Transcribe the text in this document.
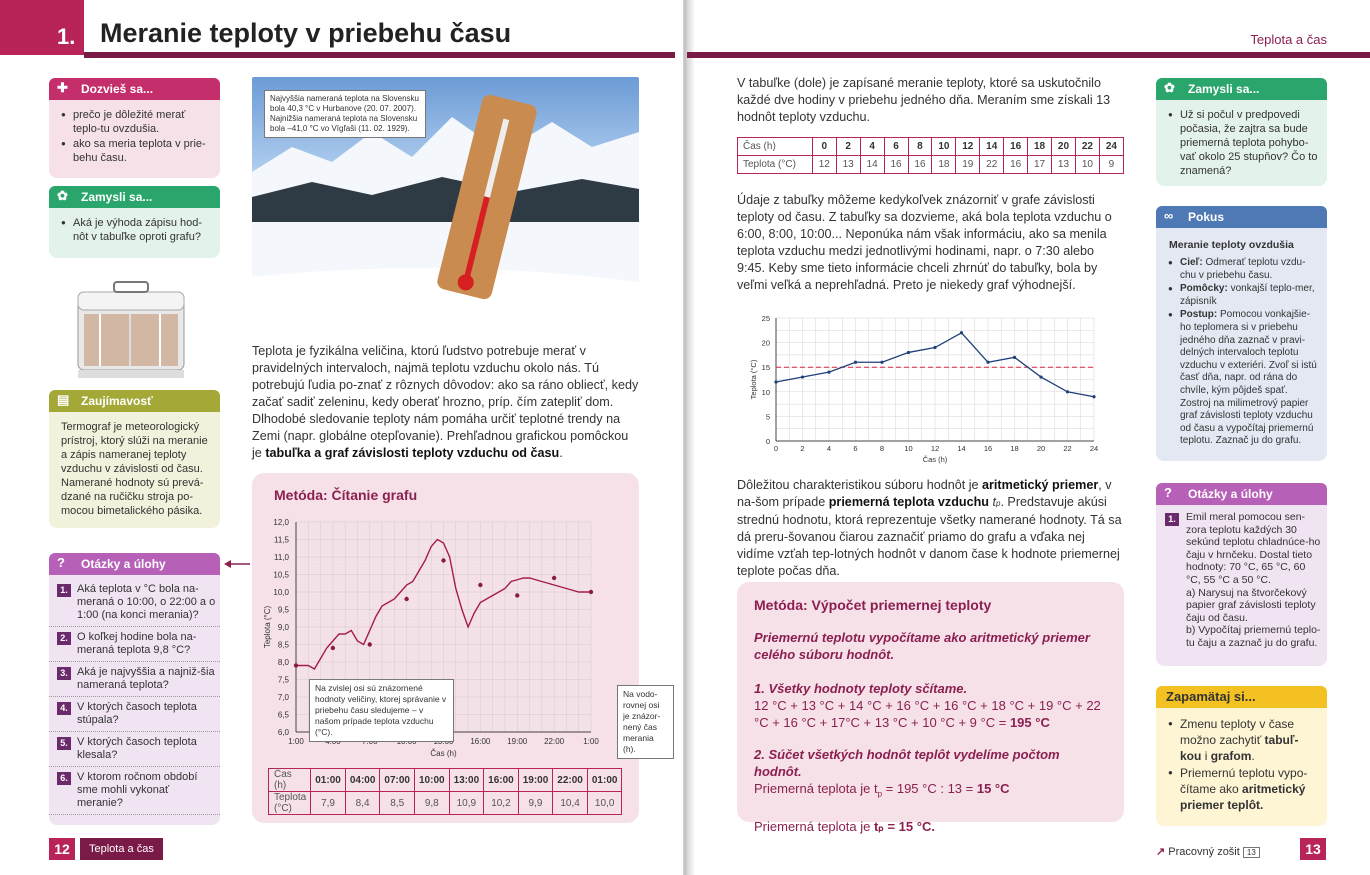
1. Meranie teploty v priebehu času
✚ Dozvieš sa...
● prečo je dôležité merať teplo-tu ovzdušia.
● ako sa meria teplota v prie-behu času.
✿ Zamysli sa...
● Aká je výhoda zápisu hod-nôt v tabuľke oproti grafu?
▤ Zaujímavosť
Termograf je meteorologický prístroj, ktorý slúži na meranie a zápis nameranej teploty vzduchu v závislosti od času. Namerané hodnoty sú prevá-dzané na ručičku stroja po-mocou bimetalického pásika.
? Otázky a úlohy
1. Aká teplota v °C bola na-meraná o 10:00, o 22:00 a o 1:00 (na konci merania)?
2. O koľkej hodine bola na-meraná teplota 9,8 °C?
3. Aká je najvyššia a najniž-šia nameraná teplota?
4. V ktorých časoch teplota stúpala?
5. V ktorých časoch teplota klesala?
6. V ktorom ročnom období sme mohli vykonať meranie?
Najvyššia nameraná teplota na Slovensku bola 40,3 °C v Hurbanove (20. 07. 2007). Najnižšia nameraná teplota na Slovensku bola –41,0 °C vo Vígľaši (11. 02. 1929).
Teplota je fyzikálna veličina, ktorú ľudstvo potrebuje merať v pravidelných intervaloch, najmä teplotu vzduchu okolo nás. Tú potrebujú ľudia po-znať z rôznych dôvodov: ako sa ráno obliecť, kedy začať sadiť zeleninu, kedy oberať hrozno, príp. čím zatepliť dom. Dlhodobé sledovanie teploty nám pomáha určiť teplotné trendy na Zemi (napr. globálne otepľovanie). Prehľadnou grafickou pomôckou je tabuľka a graf závislosti teploty vzduchu od času.
Metóda: Čítanie grafu
6,0
6,5
7,0
7,5
8,0
8,5
9,0
9,5
10,0
10,5
11,0
11,5
12,0
1:00	16:00 19:00 22:00 1:00
Čas (h)
Teplota (°C)
Na zvislej osi sú znázornené hodnoty veličiny, ktorej správanie v priebehu času sledujeme – v našom prípade teplota vzduchu (°C).
Na vodo-rovnej osi je znázor-nený čas merania (h).
Čas (h)	01:00	04:00	07:00	10:00	13:00	16:00	19:00	22:00	01:00
Teplota (°C)	7,9	8,4	8,5	9,8	10,9	10,2	9,9	10,4	10,0
12	Teplota a čas
Teplota a čas
V tabuľke (dole) je zapísané meranie teploty, ktoré sa uskutočnilo každé dve hodiny v priebehu jedného dňa. Meraním sme získali 13 hodnôt teploty vzduchu.
Čas (h)	0	2	4	6	8	10	12	14	16	18	20	22	24
Teplota (°C)	12	13	14	16	16	18	19	22	16	17	13	10	9
Údaje z tabuľky môžeme kedykoľvek znázorniť v grafe závislosti teploty od času. Z tabuľky sa dozvieme, aká bola teplota vzduchu o 6:00, 8:00, 10:00... Neponúka nám však informáciu, ako sa menila teplota vzduchu medzi jednotlivými hodinami, napr. o 7:30 alebo 9:45. Keby sme tieto informácie chceli zhrnúť do tabuľky, bola by veľmi veľká a neprehľadná. Preto je niekedy graf výhodnejší.
0
5
10
15
20
25
0	2	4	6	8	10 12 14 16 18 20 22 24
Čas (h)
Teplota (°C)
Dôležitou charakteristikou súboru hodnôt je aritmetický priemer, v na-šom prípade priemerná teplota vzduchu tp. Predstavuje akúsi strednú hodnotu, ktorá reprezentuje všetky namerané hodnoty. Tá sa dá preru-šovanou čiarou zaznačiť priamo do grafu a vďaka nej vidíme vzťah tep-lotných hodnôt v danom čase k hodnote priemernej teplote počas dňa.
Metóda: Výpočet priemernej teploty
Priemernú teplotu vypočítame ako aritmetický priemer celého súboru hodnôt.
1. Všetky hodnoty teploty sčítame.
12 °C + 13 °C + 14 °C + 16 °C + 16 °C + 18 °C + 19 °C + 22 °C + 16 °C + 17°C + 13 °C + 10 °C + 9 °C = 195 °C
2. Súčet všetkých hodnôt teplôt vydelíme počtom hodnôt.
Priemerná teplota je $t_p = 195$ °C : 13 = 15 °C
Priemerná teplota je tₚ = 15 °C.
✿ Zamysli sa...
● Už si počul v predpovedi počasia, že zajtra sa bude priemerná teplota pohybo-vať okolo 25 stupňov? Čo to znamená?
∞ Pokus
Meranie teploty ovzdušia
● Cieľ: Odmerať teplotu vzdu-chu v priebehu času.
● Pomôcky: vonkajší teplo-mer, zápisník
● Postup: Pomocou vonkajšie-ho teplomera si v priebehu jedného dňa zaznač v pravi-delných intervaloch teplotu vzduchu v exteriéri. Zvoľ si istú časť dňa, napr. od rána do chvíle, kým pôjdeš spať. Zostroj na milimetrový papier graf závislosti teploty vzduchu od času a vypočítaj priemernú teplotu. Zaznač ju do grafu.
? Otázky a úlohy
1. Emil meral pomocou sen-zora teplotu každých 30 sekúnd teplotu chladnúce-ho čaju v hrnčeku. Dostal tieto hodnoty: 70 °C, 65 °C, 60 °C, 55 °C a 50 °C.
a) Narysuj na štvorčekový papier graf závislosti teploty čaju od času.
b) Vypočítaj priemernú teplo-tu čaju a zaznač ju do grafu.
Zapamätaj si...
● Zmenu teploty v čase možno zachytiť tabuľ-kou i grafom.
● Priemernú teplotu vypo-čítame ako aritmetický priemer teplôt.
↗ Pracovný zošit 13	13
